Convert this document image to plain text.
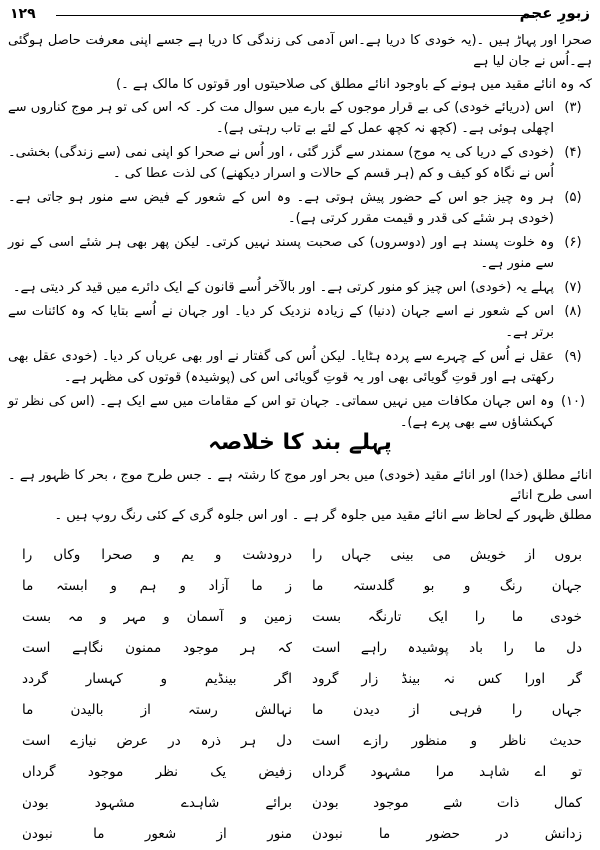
۱۲۹	زبورِ عجم

صحرا اور پہاڑ ہیں ۔(یہ خودی کا دریا ہے۔اس آدمی کی زندگی کا دریا ہے جسے اپنی معرفت حاصل ہوگئی ہے۔اُس نے جان لیا ہے

کہ وہ انائے مقید میں ہونے کے باوجود انائے مطلق کی صلاحیتوں اور قوتوں کا مالک ہے ۔)

(۳)
اس (دریائے خودی) کی بے قرار موجوں کے بارے میں سوال مت کر۔ کہ اس کی تو ہر موج کناروں سے اچھلی ہوئی ہے۔ (کچھ نہ کچھ عمل کے لئے بے تاب رہتی ہے)۔
(۴)
(خودی کے دریا کی یہ موج) سمندر سے گزر گئی ، اور اُس نے صحرا کو اپنی نمی (سے زندگی) بخشی۔ اُس نے نگاہ کو کیف و کم (ہر قسم کے حالات و اسرار دیکھنے) کی لذت عطا کی ۔
(۵)
ہر وہ چیز جو اس کے حضور پیش ہوتی ہے۔ وہ اس کے شعور کے فیض سے منور ہو جاتی ہے۔ (خودی ہر شئے کی قدر و قیمت مقرر کرتی ہے)۔
(۶)
وہ خلوت پسند ہے اور (دوسروں) کی صحبت پسند نہیں کرتی۔ لیکن پھر بھی ہر شئے اسی کے نور سے منور ہے۔
(۷)
پہلے یہ (خودی) اس چیز کو منور کرتی ہے۔ اور بالآخر اُسے قانون کے ایک دائرے میں قید کر دیتی ہے۔
(۸)
اس کے شعور نے اسے جہان (دنیا) کے زیادہ نزدیک کر دیا۔ اور جہان نے اُسے بتایا کہ وہ کائنات سے برتر ہے۔
(۹)
عقل نے اُس کے چہرے سے پردہ ہٹایا۔ لیکن اُس کی گفتار نے اور بھی عریاں کر دیا۔ (خودی عقل بھی رکھتی ہے اور قوتِ گویائی بھی اور یہ قوتِ گویائی اس کی (پوشیدہ) قوتوں کی مظہر ہے۔
(۱۰)
وہ اس جہان مکافات میں نہیں سماتی۔ جہان تو اس کے مقامات میں سے ایک ہے۔ (اس کی نظر تو کہکشاؤں سے بھی پرے ہے)۔
پہلے بند کا خلاصہ
انائے مطلق (خدا) اور انائے مقید (خودی) میں بحر اور موج کا رشتہ ہے ۔ جس طرح موج ، بحر کا ظہور ہے ۔اسی طرح انائے
مطلق ظہور کے لحاظ سے انائے مقید میں جلوہ گر ہے ۔ اور اس جلوہ گری کے کئی رنگ روپ ہیں ۔
بروں از خویش می بینی جہاں را
جہان رنگ و بو گلدستہ ما
خودی ما را ایک تارنگہ بست
دل ما را باد پوشیدہ راہے است
گر اورا کس نہ بینڈ زار گرود
جہاں را فرہی از دیدن ما
حدیث ناظر و منظور رازے است
تو اے شاہد مرا مشہود گرداں
کمال ذات شے موجود بودن
زدانش در حضور ما نبودن
درودشت و یم و صحرا وکاں را
ز ما آزاد و ہم و ابستہ ما
زمین و آسمان و مہر و مہ بست
کہ ہر موجود ممنون نگاہے است
اگر بینڈیم و کہسار گردد
نہالش رستہ از بالیدن ما
دل ہر ذرہ در عرض نیازے است
زفیض یک نظر موجود گرداں
برائے شاہدے مشہود بودن
منور از شعور ما نبودن
